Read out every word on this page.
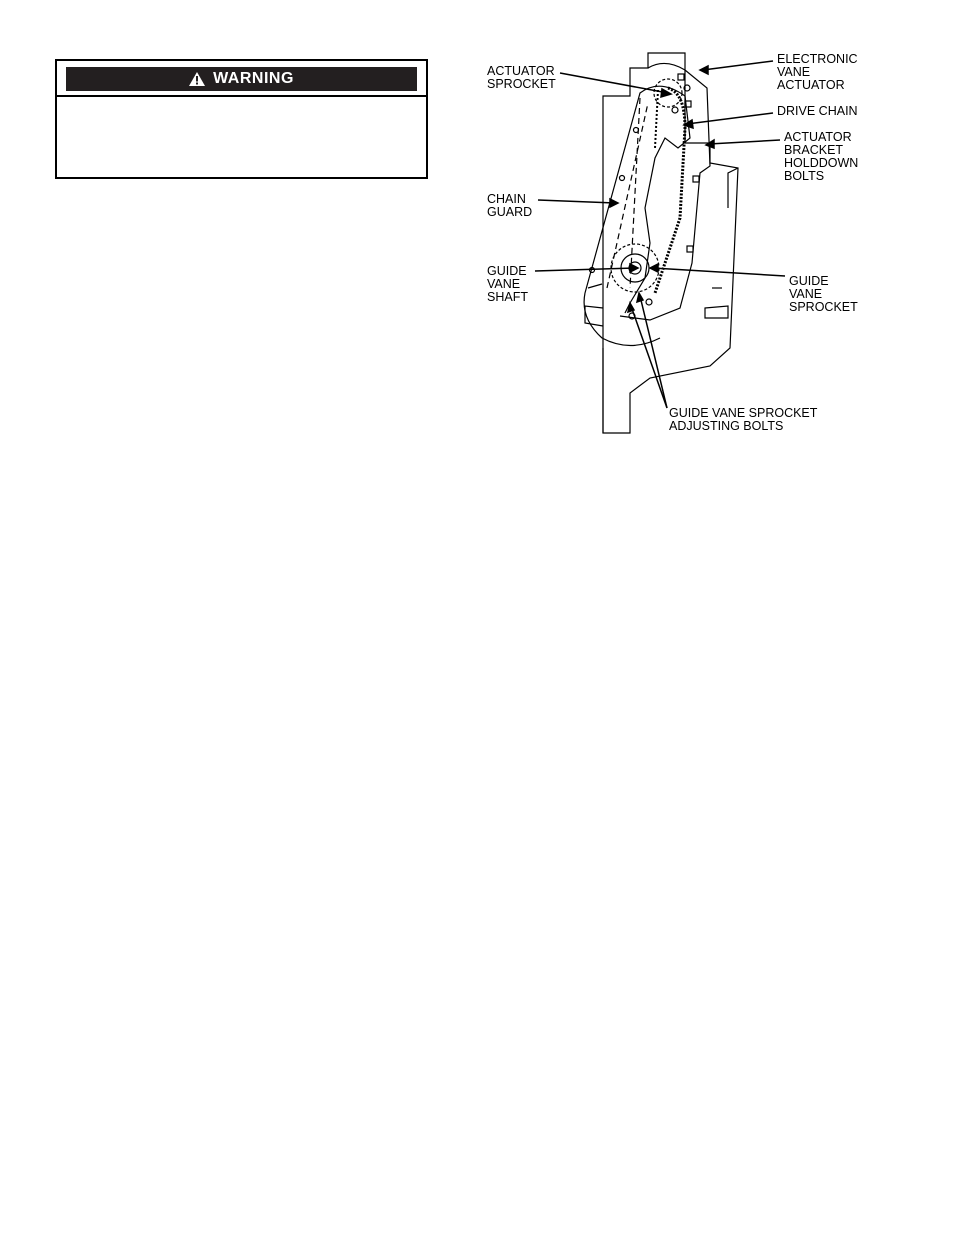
WARNING
ELECTRONIC
VANE
ACTUATOR
ACTUATOR
SPROCKET
DRIVE CHAIN
ACTUATOR
BRACKET
HOLDDOWN
BOLTS
CHAIN
GUARD
GUIDE
VANE
SHAFT
GUIDE
VANE
SPROCKET
GUIDE VANE SPROCKET
ADJUSTING BOLTS
